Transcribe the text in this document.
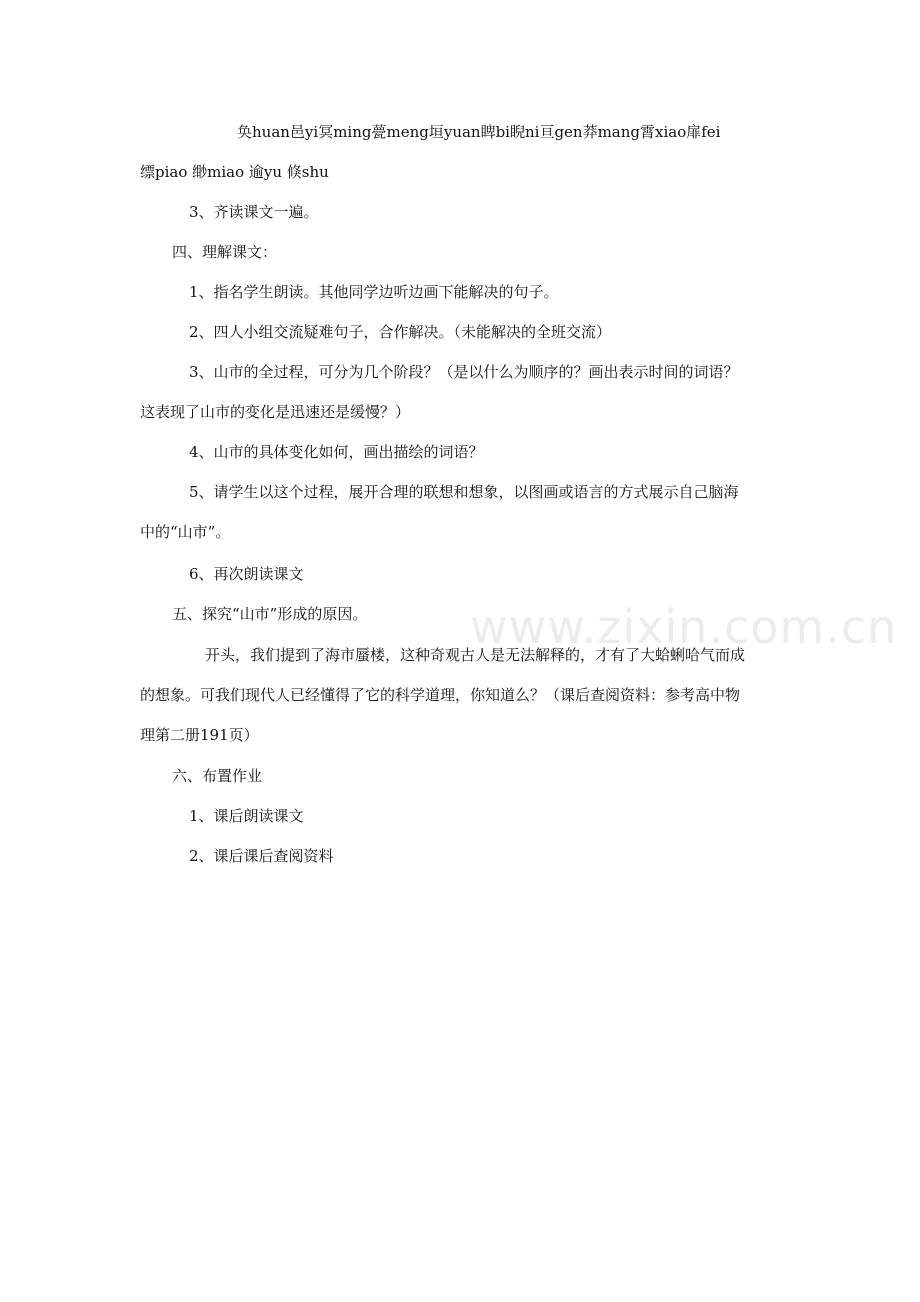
www.zixin.com.cn
奂huan邑yi冥ming甍meng垣yuan睥bi睨ni亘gen莽mang霄xiao扉fei
缥piao 缈miao 逾yu 倏shu
3、齐读课文一遍。
四、理解课文：
1、指名学生朗读。其他同学边听边画下能解决的句子。
2、四人小组交流疑难句子，合作解决。（未能解决的全班交流）
3、山市的全过程，可分为几个阶段？（是以什么为顺序的？画出表示时间的词语？
这表现了山市的变化是迅速还是缓慢？）
4、山市的具体变化如何，画出描绘的词语？
5、请学生以这个过程，展开合理的联想和想象，以图画或语言的方式展示自己脑海
中的“山市”。
6、再次朗读课文
五、探究“山市”形成的原因。
开头，我们提到了海市蜃楼，这种奇观古人是无法解释的，才有了大蛤蜊哈气而成
的想象。可我们现代人已经懂得了它的科学道理，你知道么？（课后查阅资料：参考高中物
理第二册191页）
六、布置作业
1、课后朗读课文
2、课后课后查阅资料
